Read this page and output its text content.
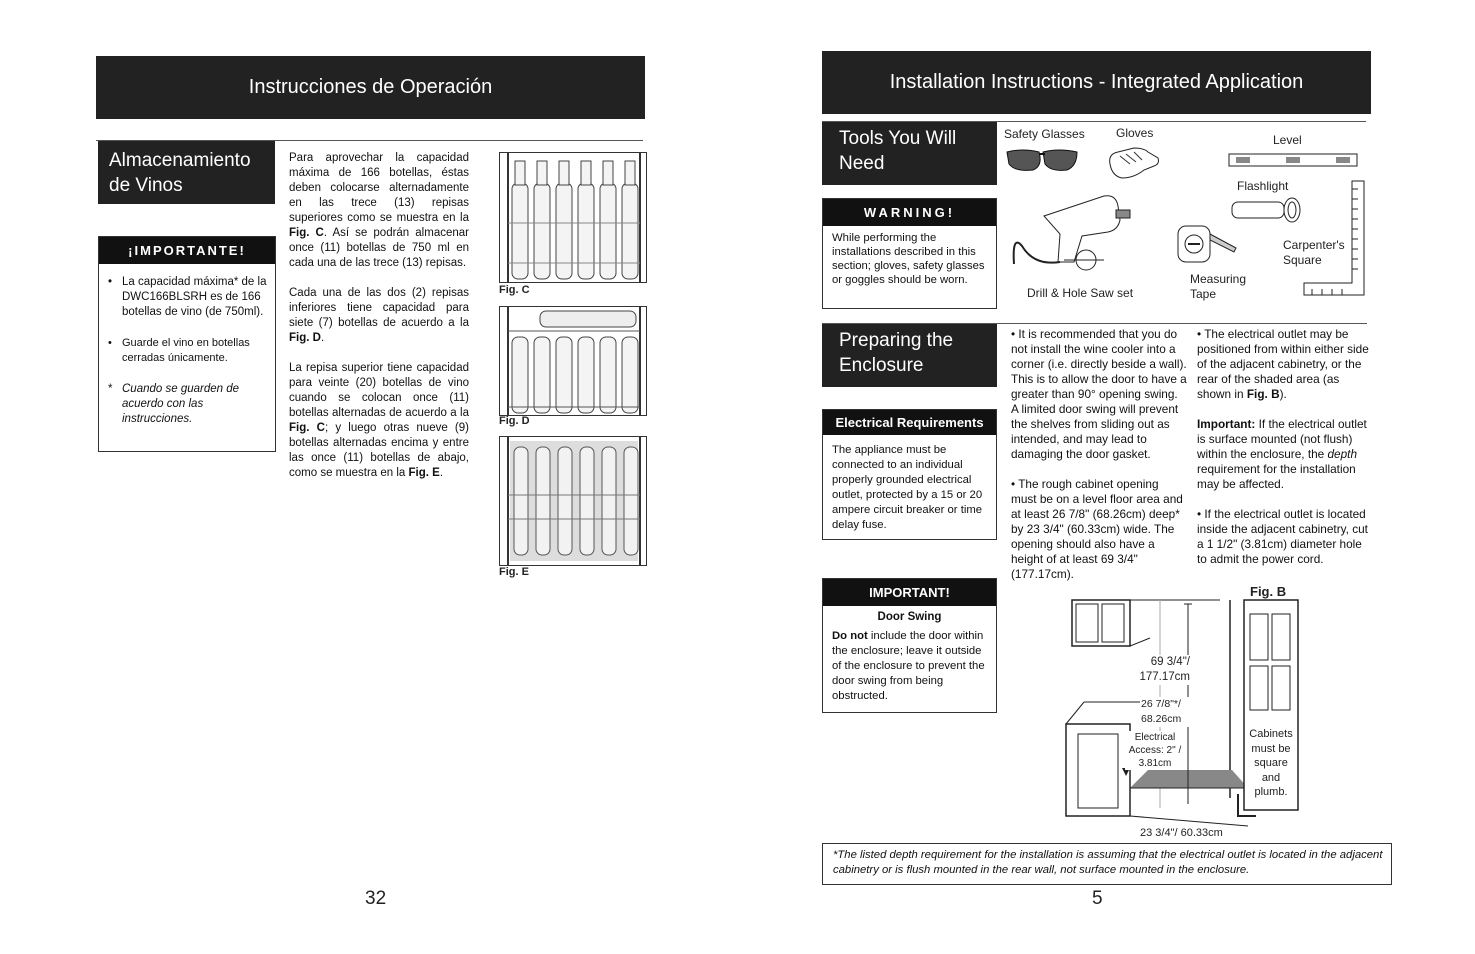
Instrucciones de Operación
Almacenamiento de Vinos
¡IMPORTANTE!
• La capacidad máxima* de la DWC166BLSRH es de 166 botellas de vino (de 750ml).
• Guarde el vino en botellas cerradas únicamente.
* Cuando se guarden de acuerdo con las instrucciones.

Para aprovechar la capacidad máxima de 166 botellas, éstas deben colocarse alternadamente en las trece (13) repisas superiores como se muestra en la Fig. C. Así se podrán almacenar once (11) botellas de 750 ml en cada una de las trece (13) repisas.

Cada una de las dos (2) repisas inferiores tiene capacidad para siete (7) botellas de acuerdo a la Fig. D.

La repisa superior tiene capacidad para veinte (20) botellas de vino cuando se colocan once (11) botellas alternadas de acuerdo a la Fig. C; y luego otras nueve (9) botellas alternadas encima y entre las once (11) botellas de abajo, como se muestra en la Fig. E.

Fig. C
Fig. D
Fig. E
32
Installation Instructions - Integrated Application
Tools You Will Need
WARNING!
While performing the installations described in this section; gloves, safety glasses or goggles should be worn.
Safety Glasses	Gloves	Level
Flashlight
Carpenter's Square
Measuring Tape
Drill & Hole Saw set
Preparing the Enclosure
Electrical Requirements
The appliance must be connected to an individual properly grounded electrical outlet, protected by a 15 or 20 ampere circuit breaker or time delay fuse.
IMPORTANT!
Door Swing
Do not include the door within the enclosure; leave it outside of the enclosure to prevent the door swing from being obstructed.

• It is recommended that you do not install the wine cooler into a corner (i.e. directly beside a wall). This is to allow the door to have a greater than 90° opening swing. A limited door swing will prevent the shelves from sliding out as intended, and may lead to damaging the door gasket.

• The rough cabinet opening must be on a level floor area and at least 26 7/8" (68.26cm) deep* by 23 3/4" (60.33cm) wide. The opening should also have a height of at least 69 3/4" (177.17cm).

• The electrical outlet may be positioned from within either side of the adjacent cabinetry, or the rear of the shaded area (as shown in Fig. B).

Important: If the electrical outlet is surface mounted (not flush) within the enclosure, the depth requirement for the installation may be affected.

• If the electrical outlet is located inside the adjacent cabinetry, cut a 1 1/2" (3.81cm) diameter hole to admit the power cord.

Fig. B
69 3/4"/ 177.17cm
26 7/8"*/ 68.26cm
Electrical Access: 2" / 3.81cm
23 3/4"/ 60.33cm
Cabinets must be square and plumb.
*The listed depth requirement for the installation is assuming that the electrical outlet is located in the adjacent cabinetry or is flush mounted in the rear wall, not surface mounted in the enclosure.
5
